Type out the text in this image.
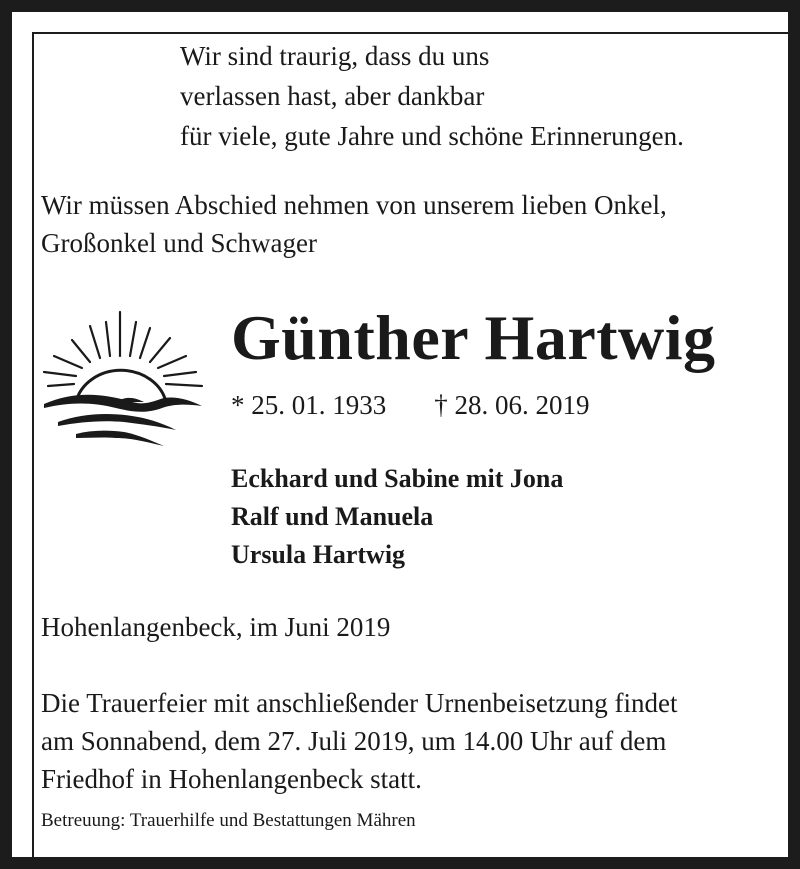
Wir sind traurig, dass du uns
verlassen hast, aber dankbar
für viele, gute Jahre und schöne Erinnerungen.
Wir müssen Abschied nehmen von unserem lieben Onkel,
Großonkel und Schwager
Günther Hartwig
* 25. 01. 1933 † 28. 06. 2019
Eckhard und Sabine mit Jona
Ralf und Manuela
Ursula Hartwig
Hohenlangenbeck, im Juni 2019
Die Trauerfeier mit anschließender Urnenbeisetzung findet
am Sonnabend, dem 27. Juli 2019, um 14.00 Uhr auf dem
Friedhof in Hohenlangenbeck statt.
Betreuung: Trauerhilfe und Bestattungen Mähren
